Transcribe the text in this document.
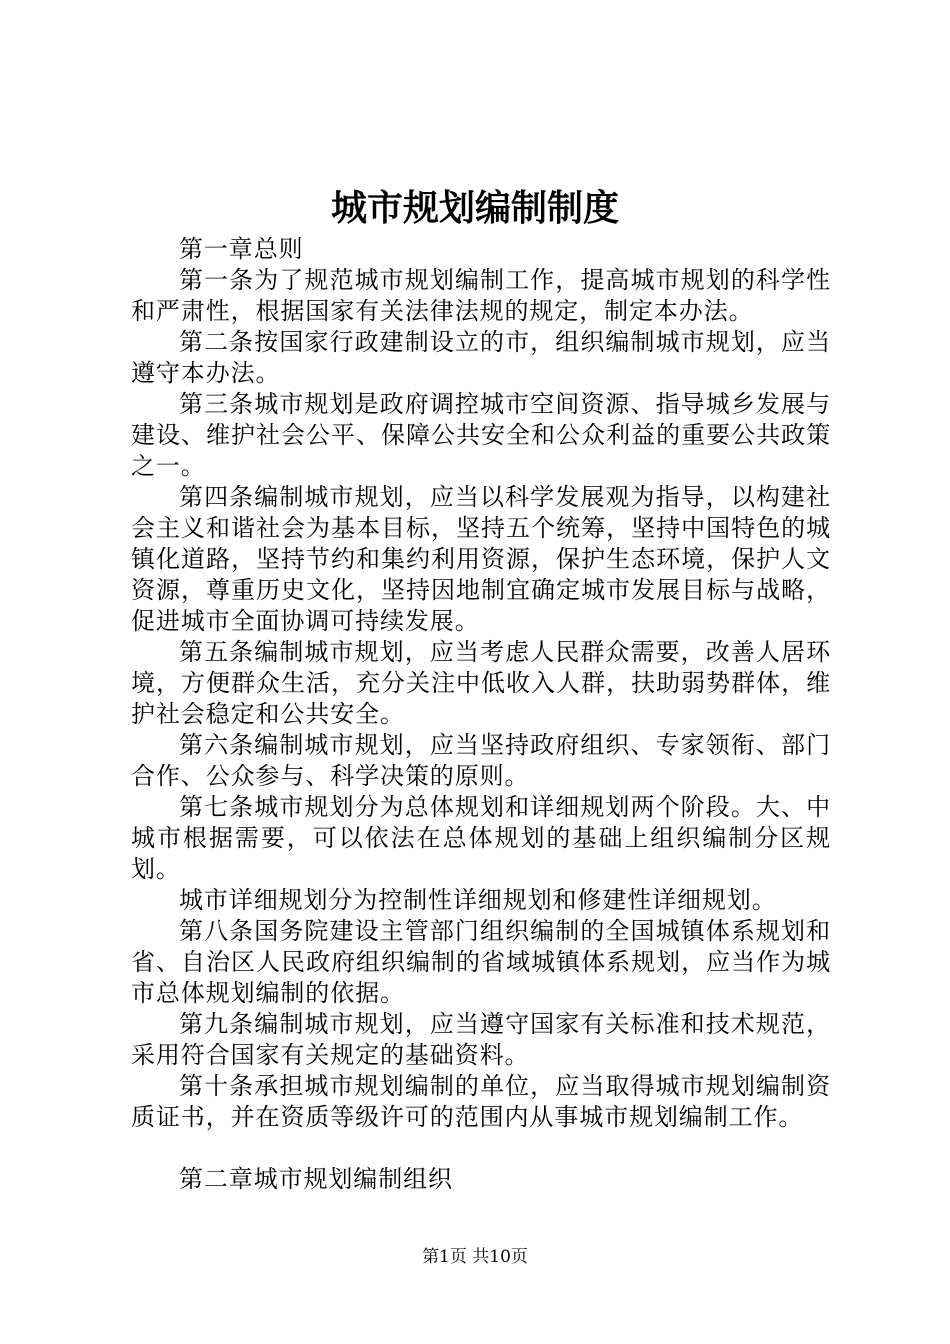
城市规划编制制度

第一章总则

第一条为了规范城市规划编制工作，提高城市规划的科学性和严肃性，根据国家有关法律法规的规定，制定本办法。

第二条按国家行政建制设立的市，组织编制城市规划，应当遵守本办法。

第三条城市规划是政府调控城市空间资源、指导城乡发展与建设、维护社会公平、保障公共安全和公众利益的重要公共政策之一。

第四条编制城市规划，应当以科学发展观为指导，以构建社会主义和谐社会为基本目标，坚持五个统筹，坚持中国特色的城镇化道路，坚持节约和集约利用资源，保护生态环境，保护人文资源，尊重历史文化，坚持因地制宜确定城市发展目标与战略，促进城市全面协调可持续发展。

第五条编制城市规划，应当考虑人民群众需要，改善人居环境，方便群众生活，充分关注中低收入人群，扶助弱势群体，维护社会稳定和公共安全。

第六条编制城市规划，应当坚持政府组织、专家领衔、部门合作、公众参与、科学决策的原则。

第七条城市规划分为总体规划和详细规划两个阶段。大、中城市根据需要，可以依法在总体规划的基础上组织编制分区规划。

城市详细规划分为控制性详细规划和修建性详细规划。

第八条国务院建设主管部门组织编制的全国城镇体系规划和省、自治区人民政府组织编制的省域城镇体系规划，应当作为城市总体规划编制的依据。

第九条编制城市规划，应当遵守国家有关标准和技术规范，采用符合国家有关规定的基础资料。

第十条承担城市规划编制的单位，应当取得城市规划编制资质证书，并在资质等级许可的范围内从事城市规划编制工作。

第二章城市规划编制组织

第1页 共10页
